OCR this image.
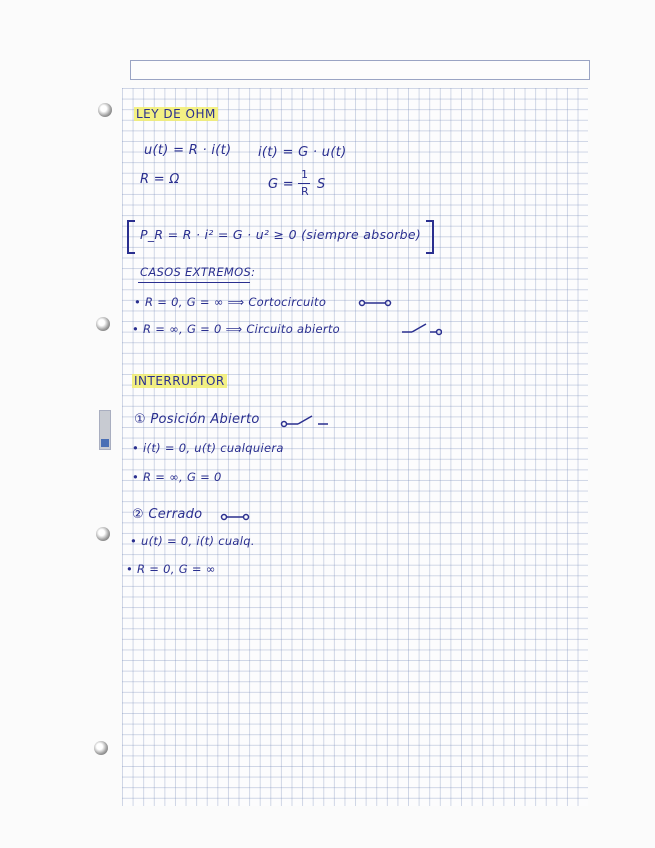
LEY DE OHM
u(t) = R · i(t) i(t) = G · u(t)
R = Ω	G =
1
R S
P_R = R · i² = G · u² ≥ 0 (siempre absorbe)
CASOS EXTREMOS:
• R = 0, G = ∞ ⟹ Cortocircuito
• R = ∞, G = 0 ⟹ Circuito abierto
INTERRUPTOR
① Posición Abierto
• i(t) = 0, u(t) cualquiera
• R = ∞, G = 0
② Cerrado
• u(t) = 0, i(t) cualq.
• R = 0, G = ∞
